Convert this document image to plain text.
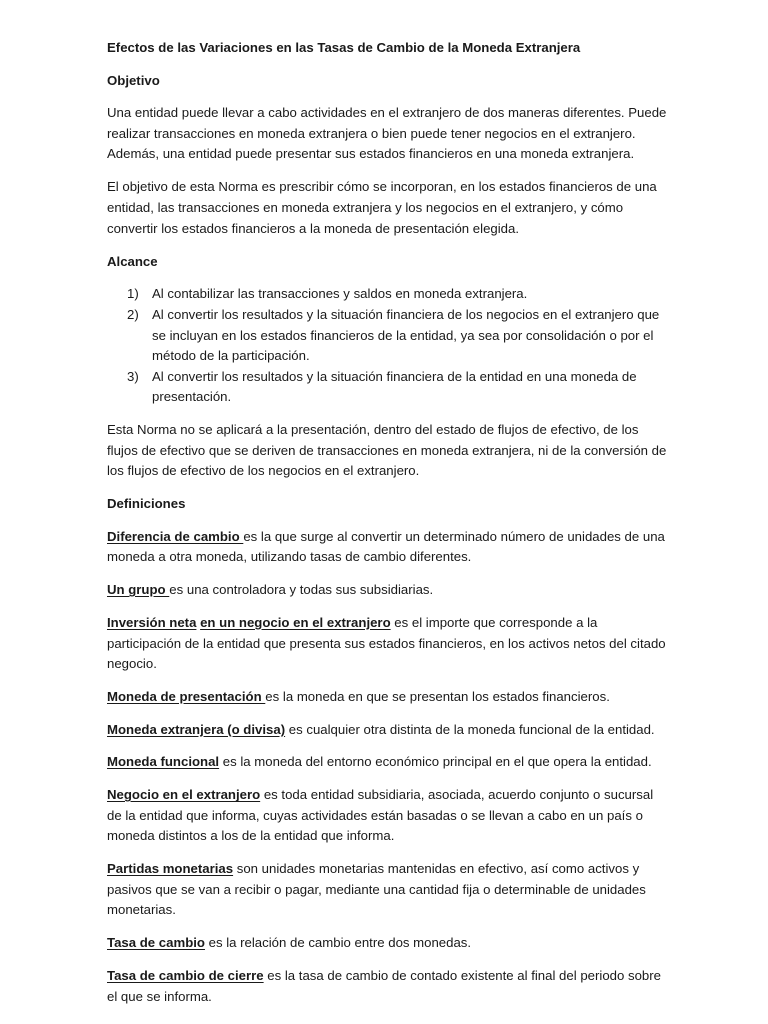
Efectos de las Variaciones en las Tasas de Cambio de la Moneda Extranjera

Objetivo

Una entidad puede llevar a cabo actividades en el extranjero de dos maneras diferentes. Puede realizar transacciones en moneda extranjera o bien puede tener negocios en el extranjero. Además, una entidad puede presentar sus estados financieros en una moneda extranjera.

El objetivo de esta Norma es prescribir cómo se incorporan, en los estados financieros de una entidad, las transacciones en moneda extranjera y los negocios en el extranjero, y cómo convertir los estados financieros a la moneda de presentación elegida.

Alcance

1) Al contabilizar las transacciones y saldos en moneda extranjera.
2) Al convertir los resultados y la situación financiera de los negocios en el extranjero que se incluyan en los estados financieros de la entidad, ya sea por consolidación o por el método de la participación.
3) Al convertir los resultados y la situación financiera de la entidad en una moneda de presentación.

Esta Norma no se aplicará a la presentación, dentro del estado de flujos de efectivo, de los flujos de efectivo que se deriven de transacciones en moneda extranjera, ni de la conversión de los flujos de efectivo de los negocios en el extranjero.

Definiciones

Diferencia de cambio es la que surge al convertir un determinado número de unidades de una moneda a otra moneda, utilizando tasas de cambio diferentes.

Un grupo es una controladora y todas sus subsidiarias.

Inversión neta en un negocio en el extranjero es el importe que corresponde a la participación de la entidad que presenta sus estados financieros, en los activos netos del citado negocio.

Moneda de presentación es la moneda en que se presentan los estados financieros.

Moneda extranjera (o divisa) es cualquier otra distinta de la moneda funcional de la entidad.

Moneda funcional es la moneda del entorno económico principal en el que opera la entidad.

Negocio en el extranjero es toda entidad subsidiaria, asociada, acuerdo conjunto o sucursal de la entidad que informa, cuyas actividades están basadas o se llevan a cabo en un país o moneda distintos a los de la entidad que informa.

Partidas monetarias son unidades monetarias mantenidas en efectivo, así como activos y pasivos que se van a recibir o pagar, mediante una cantidad fija o determinable de unidades monetarias.

Tasa de cambio es la relación de cambio entre dos monedas.

Tasa de cambio de cierre es la tasa de cambio de contado existente al final del periodo sobre el que se informa.
